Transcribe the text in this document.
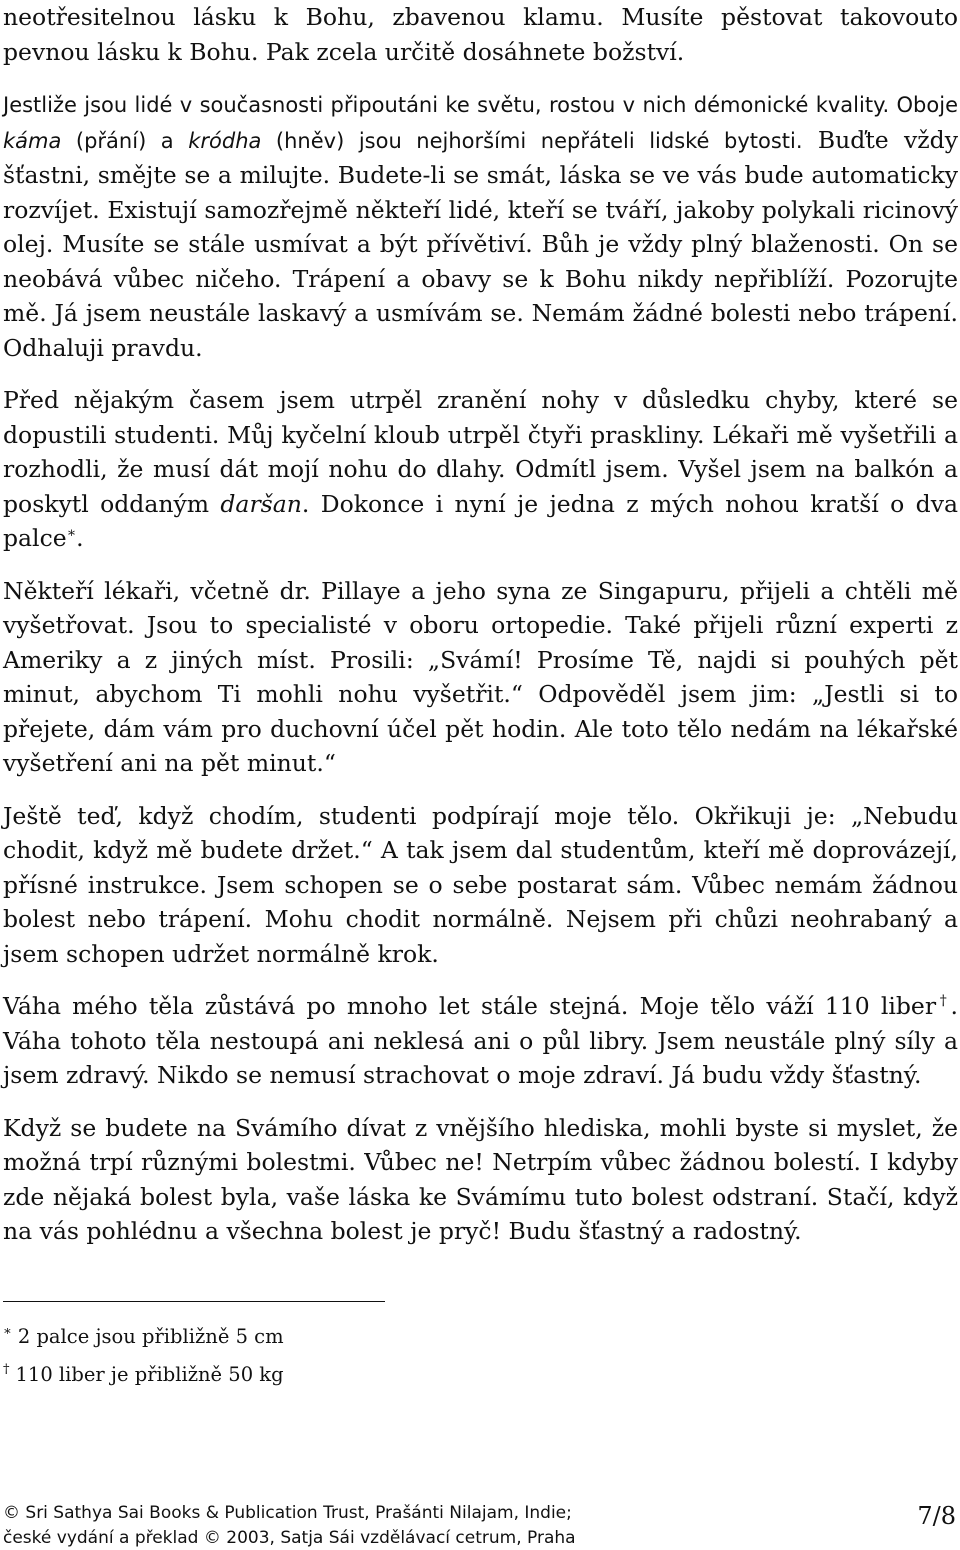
neotřesitelnou lásku k Bohu, zbavenou klamu. Musíte pěstovat takovouto pevnou lásku k Bohu. Pak zcela určitě dosáhnete božství.

Jestliže jsou lidé v současnosti připoutáni ke světu, rostou v nich démonické kvality. Oboje káma (přání) a kródha (hněv) jsou nejhoršími nepřáteli lidské bytosti. Buďte vždy šťastni, smějte se a milujte. Budete-li se smát, láska se ve vás bude automaticky rozvíjet. Existují samozřejmě někteří lidé, kteří se tváří, jakoby polykali ricinový olej. Musíte se stále usmívat a být přívětiví. Bůh je vždy plný blaženosti. On se neobává vůbec ničeho. Trápení a obavy se k Bohu nikdy nepřiblíží. Pozorujte mě. Já jsem neustále laskavý a usmívám se. Nemám žádné bolesti nebo trápení. Odhaluji pravdu.

Před nějakým časem jsem utrpěl zranění nohy v důsledku chyby, které se dopustili studenti. Můj kyčelní kloub utrpěl čtyři praskliny. Lékaři mě vyšetřili a rozhodli, že musí dát mojí nohu do dlahy. Odmítl jsem. Vyšel jsem na balkón a poskytl oddaným daršan. Dokonce i nyní je jedna z mých nohou kratší o dva palce∗.

Někteří lékaři, včetně dr. Pillaye a jeho syna ze Singapuru, přijeli a chtěli mě vyšetřovat. Jsou to specialisté v oboru ortopedie. Také přijeli různí experti z Ameriky a z jiných míst. Prosili: „Svámí! Prosíme Tě, najdi si pouhých pět minut, abychom Ti mohli nohu vyšetřit.“ Odpověděl jsem jim: „Jestli si to přejete, dám vám pro duchovní účel pět hodin. Ale toto tělo nedám na lékařské vyšetření ani na pět minut.“

Ještě teď, když chodím, studenti podpírají moje tělo. Okřikuji je: „Nebudu chodit, když mě budete držet.“ A tak jsem dal studentům, kteří mě doprovázejí, přísné instrukce. Jsem schopen se o sebe postarat sám. Vůbec nemám žádnou bolest nebo trápení. Mohu chodit normálně. Nejsem při chůzi neohrabaný a jsem schopen udržet normálně krok.

Váha mého těla zůstává po mnoho let stále stejná. Moje tělo váží 110 liber†. Váha tohoto těla nestoupá ani neklesá ani o půl libry. Jsem neustále plný síly a jsem zdravý. Nikdo se nemusí strachovat o moje zdraví. Já budu vždy šťastný.

Když se budete na Svámího dívat z vnějšího hlediska, mohli byste si myslet, že možná trpí různými bolestmi. Vůbec ne! Netrpím vůbec žádnou bolestí. I kdyby zde nějaká bolest byla, vaše láska ke Svámímu tuto bolest odstraní. Stačí, když na vás pohlédnu a všechna bolest je pryč! Budu šťastný a radostný.

∗ 2 palce jsou přibližně 5 cm
† 110 liber je přibližně 50 kg
© Sri Sathya Sai Books & Publication Trust, Prašánti Nilajam, Indie;
české vydání a překlad © 2003, Satja Sái vzdělávací cetrum, Praha
7/8
